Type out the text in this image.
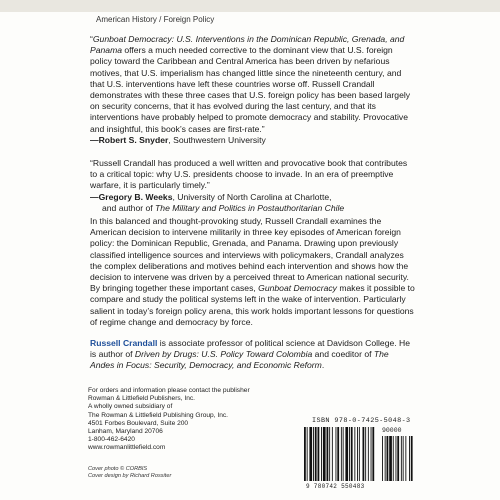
American History / Foreign Policy

“Gunboat Democracy: U.S. Interventions in the Dominican Republic, Grenada, and Panama offers a much needed corrective to the dominant view that U.S. foreign policy toward the Caribbean and Central America has been driven by nefarious motives, that U.S. imperialism has changed little since the nineteenth century, and that U.S. interventions have left these countries worse off. Russell Crandall demonstrates with these three cases that U.S. foreign policy has been based largely on security concerns, that it has evolved during the last century, and that its interventions have probably helped to promote democracy and stability. Provocative and insightful, this book’s cases are first-rate.”

—Robert S. Snyder, Southwestern University

“Russell Crandall has produced a well written and provocative book that contributes to a critical topic: why U.S. presidents choose to invade. In an era of preemptive warfare, it is particularly timely.”

—Gregory B. Weeks, University of North Carolina at Charlotte,

and author of The Military and Politics in Postauthoritarian Chile

In this balanced and thought-provoking study, Russell Crandall examines the American decision to intervene militarily in three key episodes of American foreign policy: the Dominican Republic, Grenada, and Panama. Drawing upon previously classified intelligence sources and interviews with policymakers, Crandall analyzes the complex deliberations and motives behind each intervention and shows how the decision to intervene was driven by a perceived threat to American national security. By bringing together these important cases, Gunboat Democracy makes it possible to compare and study the political systems left in the wake of intervention. Particularly salient in today’s foreign policy arena, this work holds important lessons for questions of regime change and democracy by force.

Russell Crandall is associate professor of political science at Davidson College. He is author of Driven by Drugs: U.S. Policy Toward Colombia and coeditor of The Andes in Focus: Security, Democracy, and Economic Reform.

For orders and information please contact the publisher
Rowman & Littlefield Publishers, Inc.
A wholly owned subsidiary of
The Rowman & Littlefield Publishing Group, Inc.
4501 Forbes Boulevard, Suite 200
Lanham, Maryland 20706
1-800-462-6420
www.rowmanlittlefield.com
Cover photo © CORBIS
Cover design by Richard Rossiter
ISBN 978-0-7425-5048-3
90000
9 780742 550483
